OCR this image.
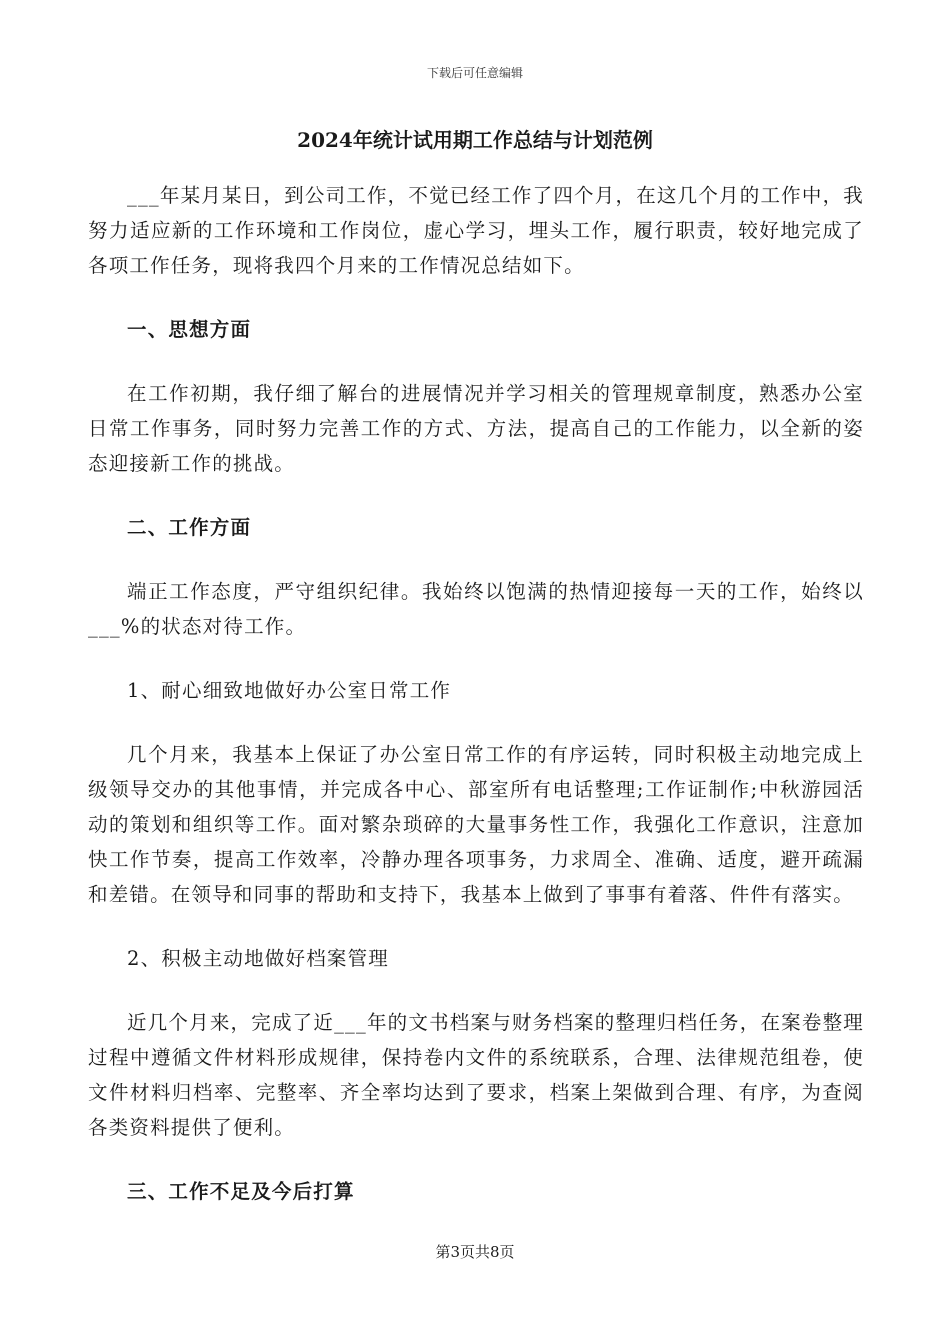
下载后可任意编辑
2024年统计试用期工作总结与计划范例

___年某月某日，到公司工作，不觉已经工作了四个月，在这几个月的工作中，我努力适应新的工作环境和工作岗位，虚心学习，埋头工作，履行职责，较好地完成了各项工作任务，现将我四个月来的工作情况总结如下。

一、思想方面

在工作初期，我仔细了解台的进展情况并学习相关的管理规章制度，熟悉办公室日常工作事务，同时努力完善工作的方式、方法，提高自己的工作能力，以全新的姿态迎接新工作的挑战。

二、工作方面

端正工作态度，严守组织纪律。我始终以饱满的热情迎接每一天的工作，始终以___%的状态对待工作。

1、耐心细致地做好办公室日常工作

几个月来，我基本上保证了办公室日常工作的有序运转，同时积极主动地完成上级领导交办的其他事情，并完成各中心、部室所有电话整理;工作证制作;中秋游园活动的策划和组织等工作。面对繁杂琐碎的大量事务性工作，我强化工作意识，注意加快工作节奏，提高工作效率，冷静办理各项事务，力求周全、准确、适度，避开疏漏和差错。在领导和同事的帮助和支持下，我基本上做到了事事有着落、件件有落实。

2、积极主动地做好档案管理

近几个月来，完成了近___年的文书档案与财务档案的整理归档任务，在案卷整理过程中遵循文件材料形成规律，保持卷内文件的系统联系，合理、法律规范组卷，使文件材料归档率、完整率、齐全率均达到了要求，档案上架做到合理、有序，为查阅各类资料提供了便利。

三、工作不足及今后打算

第3页共8页
